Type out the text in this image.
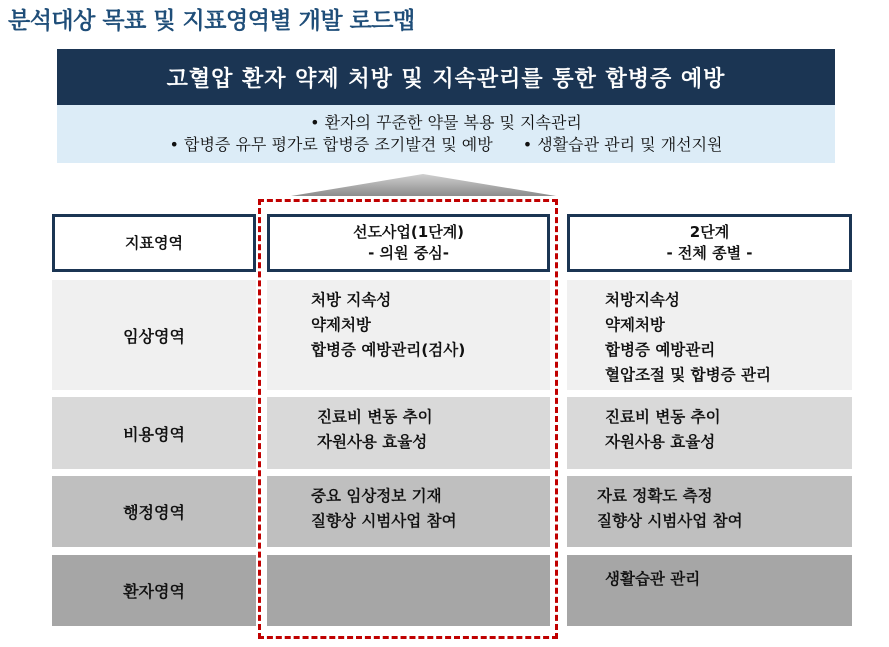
분석대상 목표 및 지표영역별 개발 로드맵
고혈압 환자 약제 처방 및 지속관리를 통한 합병증 예방
• 환자의 꾸준한 약물 복용 및 지속관리
• 합병증 유무 평가로 합병증 조기발견 및 예방 • 생활습관 관리 및 개선지원
지표영역
선도사업(1단계)
- 의원 중심-
2단계
- 전체 종별 -
임상영역
처방 지속성
약제처방
합병증 예방관리(검사)
처방지속성
약제처방
합병증 예방관리
혈압조절 및 합병증 관리
비용영역
진료비 변동 추이
자원사용 효율성
진료비 변동 추이
자원사용 효율성
행정영역
중요 임상정보 기재
질향상 시범사업 참여
자료 정확도 측정
질향상 시범사업 참여
환자영역
생활습관 관리
